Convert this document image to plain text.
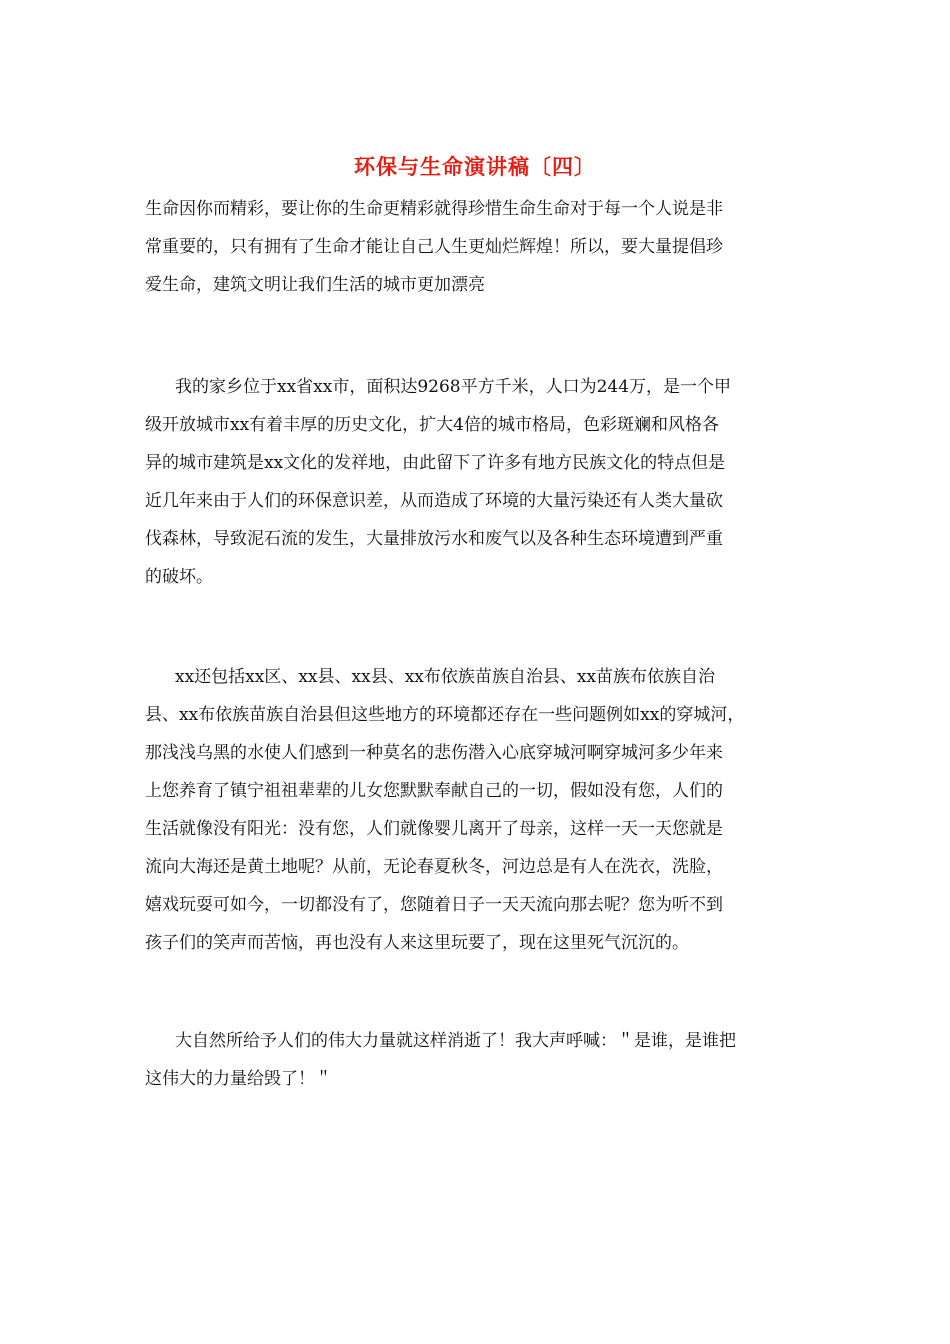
环保与生命演讲稿〔四〕
生命因你而精彩，要让你的生命更精彩就得珍惜生命生命对于每一个人说是非
常重要的，只有拥有了生命才能让自己人生更灿烂辉煌！所以，要大量提倡珍
爱生命，建筑文明让我们生活的城市更加漂亮
我的家乡位于xx省xx市，面积达9268平方千米，人口为244万，是一个甲
级开放城市xx有着丰厚的历史文化，扩大4倍的城市格局，色彩斑斓和风格各
异的城市建筑是xx文化的发祥地，由此留下了许多有地方民族文化的特点但是
近几年来由于人们的环保意识差，从而造成了环境的大量污染还有人类大量砍
伐森林，导致泥石流的发生，大量排放污水和废气以及各种生态环境遭到严重
的破坏。
xx还包括xx区、xx县、xx县、xx布依族苗族自治县、xx苗族布依族自治
县、xx布依族苗族自治县但这些地方的环境都还存在一些问题例如xx的穿城河，
那浅浅乌黑的水使人们感到一种莫名的悲伤潜入心底穿城河啊穿城河多少年来
上您养育了镇宁祖祖辈辈的儿女您默默奉献自己的一切，假如没有您，人们的
生活就像没有阳光：没有您，人们就像婴儿离开了母亲，这样一天一天您就是
流向大海还是黄土地呢？从前，无论春夏秋冬，河边总是有人在洗衣，洗脸，
嬉戏玩耍可如今，一切都没有了，您随着日子一天天流向那去呢？您为听不到
孩子们的笑声而苦恼，再也没有人来这里玩要了，现在这里死气沉沉的。
大自然所给予人们的伟大力量就这样消逝了！我大声呼喊：＂是谁，是谁把
这伟大的力量给毁了！＂
